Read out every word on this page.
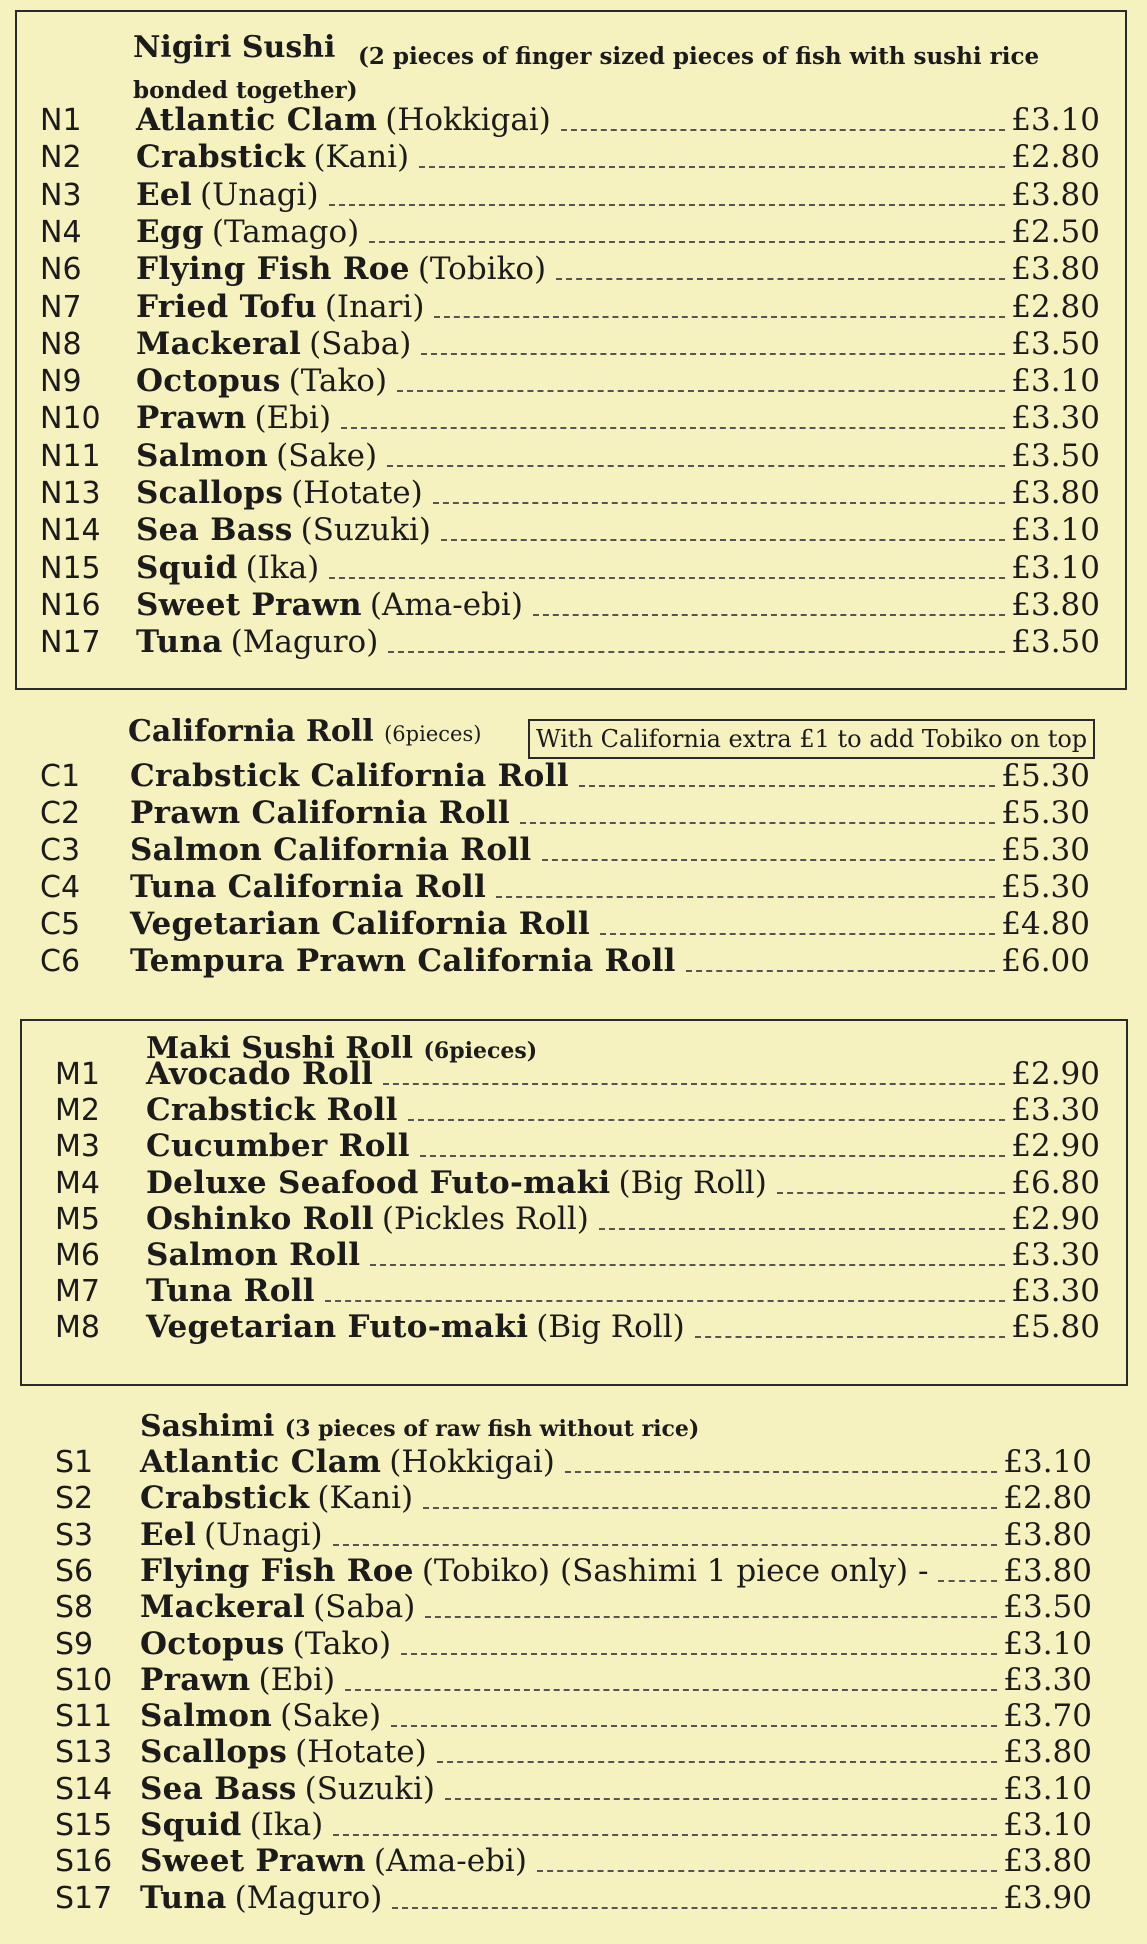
Nigiri Sushi (2 pieces of finger sized pieces of fish with sushi rice bonded together)
N1 Atlantic Clam (Hokkigai)	£3.10
N2 Crabstick (Kani)	£2.80
N3 Eel (Unagi)	£3.80
N4 Egg (Tamago)	£2.50
N6 Flying Fish Roe (Tobiko)	£3.80
N7 Fried Tofu (Inari)	£2.80
N8 Mackeral (Saba)	£3.50
N9 Octopus (Tako)	£3.10
N10 Prawn (Ebi)	£3.30
N11 Salmon (Sake)	£3.50
N13 Scallops (Hotate)	£3.80
N14 Sea Bass (Suzuki)	£3.10
N15 Squid (Ika)	£3.10
N16 Sweet Prawn (Ama-ebi)	£3.80
N17 Tuna (Maguro)	£3.50
California Roll (6pieces)	With California extra £1 to add Tobiko on top
C1 Crabstick California Roll	£5.30
C2 Prawn California Roll	£5.30
C3 Salmon California Roll	£5.30
C4 Tuna California Roll	£5.30
C5 Vegetarian California Roll	£4.80
C6 Tempura Prawn California Roll	£6.00
Maki Sushi Roll (6pieces)
M1 Avocado Roll	£2.90
M2 Crabstick Roll	£3.30
M3 Cucumber Roll	£2.90
M4 Deluxe Seafood Futo-maki (Big Roll)	£6.80
M5 Oshinko Roll (Pickles Roll)	£2.90
M6 Salmon Roll	£3.30
M7 Tuna Roll	£3.30
M8 Vegetarian Futo-maki (Big Roll)	£5.80
Sashimi (3 pieces of raw fish without rice)
S1 Atlantic Clam (Hokkigai)	£3.10
S2 Crabstick (Kani)	£2.80
S3 Eel (Unagi)	£3.80
S6 Flying Fish Roe (Tobiko) (Sashimi 1 piece only) - £3.80
S8 Mackeral (Saba)	£3.50
S9 Octopus (Tako)	£3.10
S10 Prawn (Ebi)	£3.30
S11 Salmon (Sake)	£3.70
S13 Scallops (Hotate)	£3.80
S14 Sea Bass (Suzuki)	£3.10
S15 Squid (Ika)	£3.10
S16 Sweet Prawn (Ama-ebi)	£3.80
S17 Tuna (Maguro)	£3.90
